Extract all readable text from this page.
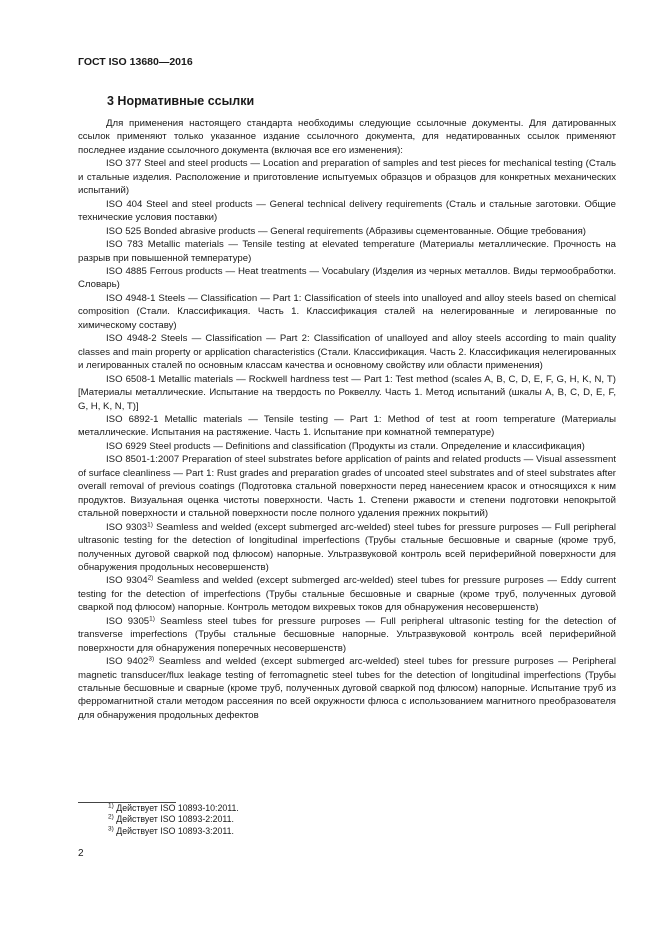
ГОСТ ISO 13680—2016
3 Нормативные ссылки

Для применения настоящего стандарта необходимы следующие ссылочные документы. Для датированных ссылок применяют только указанное издание ссылочного документа, для недатированных ссылок применяют последнее издание ссылочного документа (включая все его изменения):

ISO 377 Steel and steel products — Location and preparation of samples and test pieces for mechanical testing (Сталь и стальные изделия. Расположение и приготовление испытуемых образцов и образцов для конкретных механических испытаний)

ISO 404 Steel and steel products — General technical delivery requirements (Сталь и стальные заготовки. Общие технические условия поставки)

ISO 525 Bonded abrasive products — General requirements (Абразивы сцементованные. Общие требования)

ISO 783 Metallic materials — Tensile testing at elevated temperature (Материалы металлические. Прочность на разрыв при повышенной температуре)

ISO 4885 Ferrous products — Heat treatments — Vocabulary (Изделия из черных металлов. Виды термообработки. Словарь)

ISO 4948-1 Steels — Classification — Part 1: Classification of steels into unalloyed and alloy steels based on chemical composition (Стали. Классификация. Часть 1. Классификация сталей на нелегированные и легированные по химическому составу)

ISO 4948-2 Steels — Classification — Part 2: Classification of unalloyed and alloy steels according to main quality classes and main property or application characteristics (Стали. Классификация. Часть 2. Классификация нелегированных и легированных сталей по основным классам качества и основному свойству или области применения)

ISO 6508-1 Metallic materials — Rockwell hardness test — Part 1: Test method (scales A, B, C, D, E, F, G, H, K, N, T) [Материалы металлические. Испытание на твердость по Роквеллу. Часть 1. Метод испытаний (шкалы A, B, C, D, E, F, G, H, K, N, T)]

ISO 6892-1 Metallic materials — Tensile testing — Part 1: Method of test at room temperature (Материалы металлические. Испытания на растяжение. Часть 1. Испытание при комнатной температуре)

ISO 6929 Steel products — Definitions and classification (Продукты из стали. Определение и классификация)

ISO 8501-1:2007 Preparation of steel substrates before application of paints and related products — Visual assessment of surface cleanliness — Part 1: Rust grades and preparation grades of uncoated steel substrates and of steel substrates after overall removal of previous coatings (Подготовка стальной поверхности перед нанесением красок и относящихся к ним продуктов. Визуальная оценка чистоты поверхности. Часть 1. Степени ржавости и степени подготовки непокрытой стальной поверхности и стальной поверхности после полного удаления прежних покрытий)

ISO 9303$^{1)}$ Seamless and welded (except submerged arc-welded) steel tubes for pressure purposes — Full peripheral ultrasonic testing for the detection of longitudinal imperfections (Трубы стальные бесшовные и сварные (кроме труб, полученных дуговой сваркой под флюсом) напорные. Ультразвуковой контроль всей периферийной поверхности для обнаружения продольных несовершенств)

ISO 9304$^{2)}$ Seamless and welded (except submerged arc-welded) steel tubes for pressure purposes — Eddy current testing for the detection of imperfections (Трубы стальные бесшовные и сварные (кроме труб, полученных дуговой сваркой под флюсом) напорные. Контроль методом вихревых токов для обнаружения несовершенств)

ISO 9305$^{1)}$ Seamless steel tubes for pressure purposes — Full peripheral ultrasonic testing for the detection of transverse imperfections (Трубы стальные бесшовные напорные. Ультразвуковой контроль всей периферийной поверхности для обнаружения поперечных несовершенств)

ISO 9402$^{3)}$ Seamless and welded (except submerged arc-welded) steel tubes for pressure purposes — Peripheral magnetic transducer/flux leakage testing of ferromagnetic steel tubes for the detection of longitudinal imperfections (Трубы стальные бесшовные и сварные (кроме труб, полученных дуговой сваркой под флюсом) напорные. Испытание труб из ферромагнитной стали методом рассеяния по всей окружности флюса с использованием магнитного преобразователя для обнаружения продольных дефектов

$^{1)}$ Действует ISO 10893-10:2011.
$^{2)}$ Действует ISO 10893-2:2011.
$^{3)}$ Действует ISO 10893-3:2011.
2
